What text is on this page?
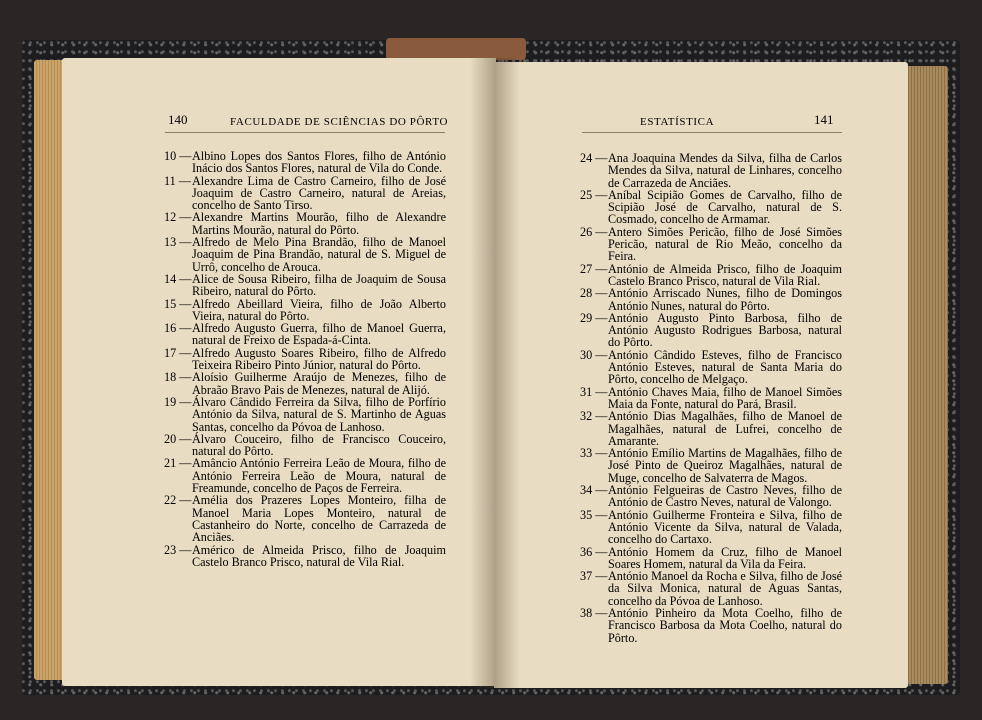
140	FACULDADE DE SCIÊNCIAS DO PÔRTO	ESTATÍSTICA	141

10 — Albino Lopes dos Santos Flores, filho de António Inácio dos Santos Flores, natural de Vila do Conde.

11 — Alexandre Lima de Castro Carneiro, filho de José Joaquim de Castro Carneiro, natural de Areias, concelho de Santo Tirso.

12 — Alexandre Martins Mourão, filho de Alexandre Martins Mourão, natural do Pôrto.

13 — Alfredo de Melo Pina Brandão, filho de Manoel Joaquim de Pina Brandão, natural de S. Miguel de Urrô, concelho de Arouca.

14 — Alice de Sousa Ribeiro, filha de Joaquim de Sousa Ribeiro, natural do Pôrto.

15 — Alfredo Abeillard Vieira, filho de João Alberto Vieira, natural do Pôrto.

16 — Alfredo Augusto Guerra, filho de Manoel Guerra, natural de Freixo de Espada-á-Cinta.

17 — Alfredo Augusto Soares Ribeiro, filho de Alfredo Teixeira Ribeiro Pinto Júnior, natural do Pôrto.

18 — Aloísio Guilherme Araújo de Menezes, filho de Abraão Bravo Pais de Menezes, natural de Alijó.

19 — Álvaro Cândido Ferreira da Silva, filho de Porfírio António da Silva, natural de S. Martinho de Aguas Santas, concelho da Póvoa de Lanhoso.

20 — Álvaro Couceiro, filho de Francisco Couceiro, natural do Pôrto.

21 — Amâncio António Ferreira Leão de Moura, filho de António Ferreira Leão de Moura, natural de Freamunde, concelho de Paços de Ferreira.

22 — Amélia dos Prazeres Lopes Monteiro, filha de Manoel Maria Lopes Monteiro, natural de Castanheiro do Norte, concelho de Carrazeda de Anciães.

23 — Américo de Almeida Prisco, filho de Joaquim Castelo Branco Prisco, natural de Vila Rial.

24 — Ana Joaquina Mendes da Silva, filha de Carlos Mendes da Silva, natural de Linhares, concelho de Carrazeda de Anciães.

25 — Aníbal Scipião Gomes de Carvalho, filho de Scipião José de Carvalho, natural de S. Cosmado, concelho de Armamar.

26 — Antero Simões Pericão, filho de José Simões Pericão, natural de Rio Meão, concelho da Feira.

27 — António de Almeida Prisco, filho de Joaquim Castelo Branco Prisco, natural de Vila Rial.

28 — António Arriscado Nunes, filho de Domingos António Nunes, natural do Pôrto.

29 — António Augusto Pinto Barbosa, filho de António Augusto Rodrigues Barbosa, natural do Pôrto.

30 — António Cândido Esteves, filho de Francisco António Esteves, natural de Santa Maria do Pôrto, concelho de Melgaço.

31 — António Chaves Maia, filho de Manoel Simões Maia da Fonte, natural do Pará, Brasil.

32 — António Dias Magalhães, filho de Manoel de Magalhães, natural de Lufrei, concelho de Amarante.

33 — António Emílio Martins de Magalhães, filho de José Pinto de Queiroz Magalhães, natural de Muge, concelho de Salvaterra de Magos.

34 — António Felgueiras de Castro Neves, filho de António de Castro Neves, natural de Valongo.

35 — António Guilherme Fronteira e Silva, filho de António Vicente da Silva, natural de Valada, concelho do Cartaxo.

36 — António Homem da Cruz, filho de Manoel Soares Homem, natural da Vila da Feira.

37 — António Manoel da Rocha e Silva, filho de José da Silva Monica, natural de Aguas Santas, concelho da Póvoa de Lanhoso.

38 — António Pinheiro da Mota Coelho, filho de Francisco Barbosa da Mota Coelho, natural do Pôrto.
